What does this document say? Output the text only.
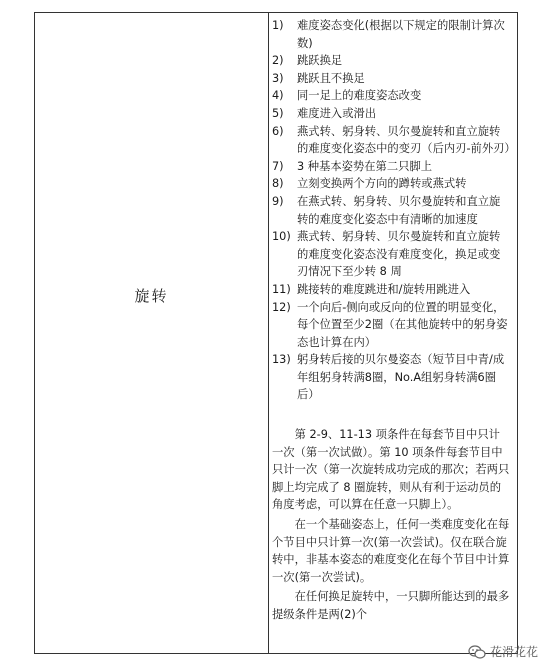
旋转
1)	难度姿态变化(根据以下规定的限制计算次数)
2)	跳跃换足
3)	跳跃且不换足
4)	同一足上的难度姿态改变
5)	难度进入或滑出
6)	燕式转、躬身转、贝尔曼旋转和直立旋转的难度变化姿态中的变刃（后内刃-前外刃）
7)	3 种基本姿势在第二只脚上
8)	立刻变换两个方向的蹲转或燕式转
9)	在燕式转、躬身转、贝尔曼旋转和直立旋转的难度变化姿态中有清晰的加速度
10) 燕式转、躬身转、贝尔曼旋转和直立旋转的难度变化姿态没有难度变化，换足或变刃情况下至少转 8 周
11) 跳接转的难度跳进和/旋转用跳进入
12) 一个向后-侧向或反向的位置的明显变化，每个位置至少2圈（在其他旋转中的躬身姿态也计算在内）
13) 躬身转后接的贝尔曼姿态（短节目中青/成年组躬身转满8圈，No.A组躬身转满6圈后）

第 2-9、11-13 项条件在每套节目中只计一次（第一次试做）。第 10 项条件每套节目中只计一次（第一次旋转成功完成的那次；若两只脚上均完成了 8 圈旋转，则从有利于运动员的角度考虑，可以算在任意一只脚上）。

在一个基础姿态上，任何一类难度变化在每个节目中只计算一次(第一次尝试)。仅在联合旋转中，非基本姿态的难度变化在每个节目中计算一次(第一次尝试)。

在任何换足旋转中，一只脚所能达到的最多提级条件是两(2)个

花滑花花
